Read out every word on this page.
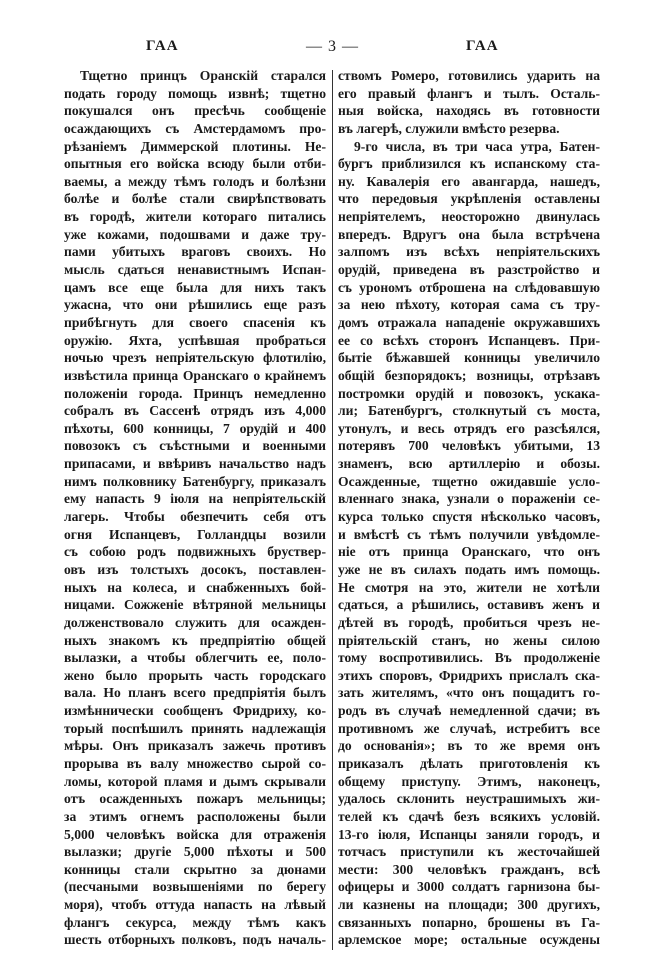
ГАА	— 3 —	ГАА
Тщетно принцъ Оранскій старался
подать городу помощь извнѣ; тщетно
покушался онъ пресѣчь сообщеніе
осаждающихъ съ Амстердамомъ про-
рѣзаніемъ Диммерской плотины. Не-
опытныя его войска всюду были отби-
ваемы, а между тѣмъ голодъ и болѣзни
болѣе и болѣе стали свирѣпствовать
въ городѣ, жители котораго питались
уже кожами, подошвами и даже тру-
пами убитыхъ враговъ своихъ. Но
мысль сдаться ненавистнымъ Испан-
цамъ все еще была для нихъ такъ
ужасна, что они рѣшились еще разъ
прибѣгнуть для своего спасенія къ
оружію. Яхта, успѣвшая пробраться
ночью чрезъ непріятельскую флотилію,
извѣстила принца Оранскаго о крайнемъ
положеніи города. Принцъ немедленно
собралъ въ Сассенѣ отрядъ изъ 4,000
пѣхоты, 600 конницы, 7 орудій и 400
повозокъ съ съѣстными и военными
припасами, и ввѣривъ начальство надъ
нимъ полковнику Батенбургу, приказалъ
ему напасть 9 іюля на непріятельскій
лагерь. Чтобы обезпечить себя отъ
огня Испанцевъ, Голландцы возили
съ собою родъ подвижныхъ бруствер-
овъ изъ толстыхъ досокъ, поставлен-
ныхъ на колеса, и снабженныхъ бой-
ницами. Сожженіе вѣтряной мельницы
долженствовало служить для осажден-
ныхъ знакомъ къ предпріятію общей
вылазки, а чтобы облегчить ее, поло-
жено было прорыть часть городскаго
вала. Но планъ всего предпріятія былъ
измѣннически сообщенъ Фридриху, ко-
торый поспѣшилъ принять надлежащія
мѣры. Онъ приказалъ зажечь противъ
прорыва въ валу множество сырой со-
ломы, которой пламя и дымъ скрывали
отъ осажденныхъ пожаръ мельницы;
за этимъ огнемъ расположены были
5,000 человѣкъ войска для отраженія
вылазки; другіе 5,000 пѣхоты и 500
конницы стали скрытно за дюнами
(песчаными возвышеніями по берегу
моря), чтобъ оттуда напасть на лѣвый
флангъ секурса, между тѣмъ какъ
шесть отборныхъ полковъ, подъ началь-
ствомъ Ромеро, готовились ударить на
его правый флангъ и тылъ. Осталь-
ныя войска, находясь въ готовности
въ лагерѣ, служили вмѣсто резерва.
9-го числа, въ три часа утра, Батен-
бургъ приблизился къ испанскому ста-
ну. Кавалерія его авангарда, нашедъ,
что передовыя укрѣпленія оставлены
непріятелемъ, неосторожно двинулась
впередъ. Вдругъ она была встрѣчена
залпомъ изъ всѣхъ непріятельскихъ
орудій, приведена въ разстройство и
съ урономъ отброшена на слѣдовавшую
за нею пѣхоту, которая сама съ тру-
домъ отражала нападеніе окружавшихъ
ее со всѣхъ сторонъ Испанцевъ. При-
бытіе бѣжавшей конницы увеличило
общій безпорядокъ; возницы, отрѣзавъ
постромки орудій и повозокъ, ускака-
ли; Батенбургъ, столкнутый съ моста,
утонулъ, и весь отрядъ его разсѣялся,
потерявъ 700 человѣкъ убитыми, 13
знаменъ, всю артиллерію и обозы.
Осажденные, тщетно ожидавшіе усло-
вленнаго знака, узнали о пораженіи се-
курса только спустя нѣсколько часовъ,
и вмѣстѣ съ тѣмъ получили увѣдомле-
ніе отъ принца Оранскаго, что онъ
уже не въ силахъ подать имъ помощь.
Не смотря на это, жители не хотѣли
сдаться, а рѣшились, оставивъ женъ и
дѣтей въ городѣ, пробиться чрезъ не-
пріятельскій станъ, но жены силою
тому воспротивились. Въ продолженіе
этихъ споровъ, Фридрихъ прислалъ ска-
зать жителямъ, «что онъ пощадитъ го-
родъ въ случаѣ немедленной сдачи; въ
противномъ же случаѣ, истребитъ все
до основанія»; въ то же время онъ
приказалъ дѣлать приготовленія къ
общему приступу. Этимъ, наконецъ,
удалось склонить неустрашимыхъ жи-
телей къ сдачѣ безъ всякихъ условій.
13-го іюля, Испанцы заняли городъ, и
тотчасъ приступили къ жесточайшей
мести: 300 человѣкъ гражданъ, всѣ
офицеры и 3000 солдатъ гарнизона бы-
ли казнены на площади; 300 другихъ,
связанныхъ попарно, брошены въ Га-
арлемское море; остальные осуждены
